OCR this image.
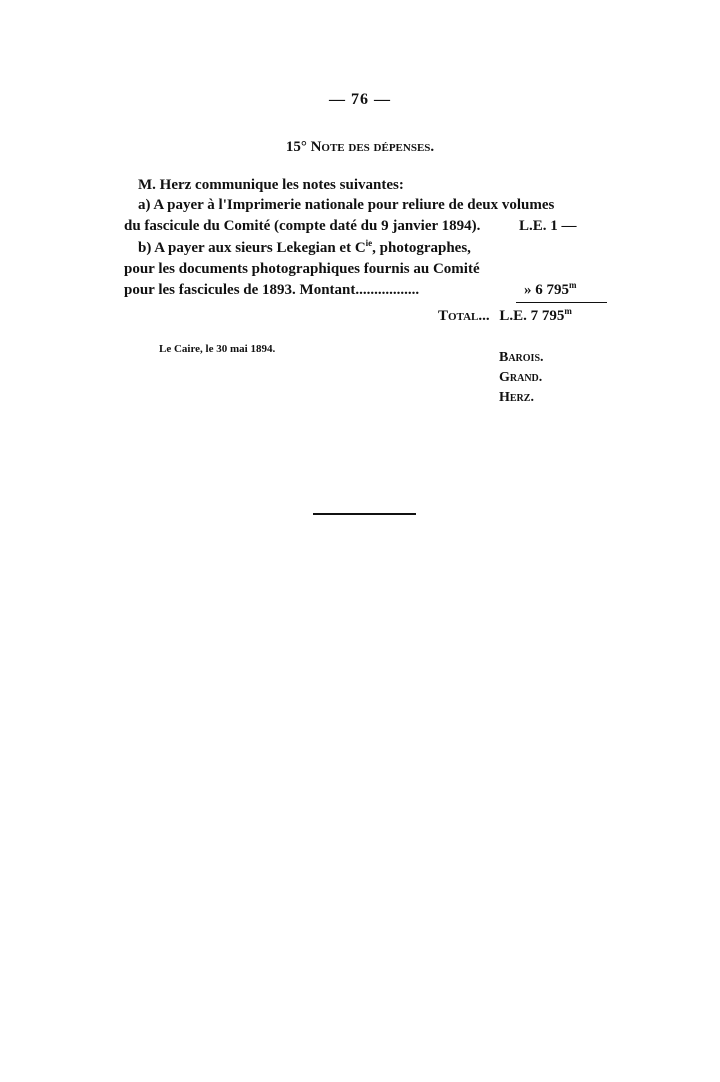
— 76 —
15° Note des dépenses.
M. Herz communique les notes suivantes:
a) A payer à l'Imprimerie nationale pour reliure de deux volumes
du fascicule du Comité (compte daté du 9 janvier 1894).	L.E. 1 —
b) A payer aux sieurs Lekegian et $C^{ie}$, photographes,
pour les documents photographiques fournis au Comité
pour les fascicules de 1893. Montant.................	» 6 795$^m$
Total... L.E. 7 795$^m$
Le Caire, le 30 mai 1894.
Barois.
Grand.
Herz.
